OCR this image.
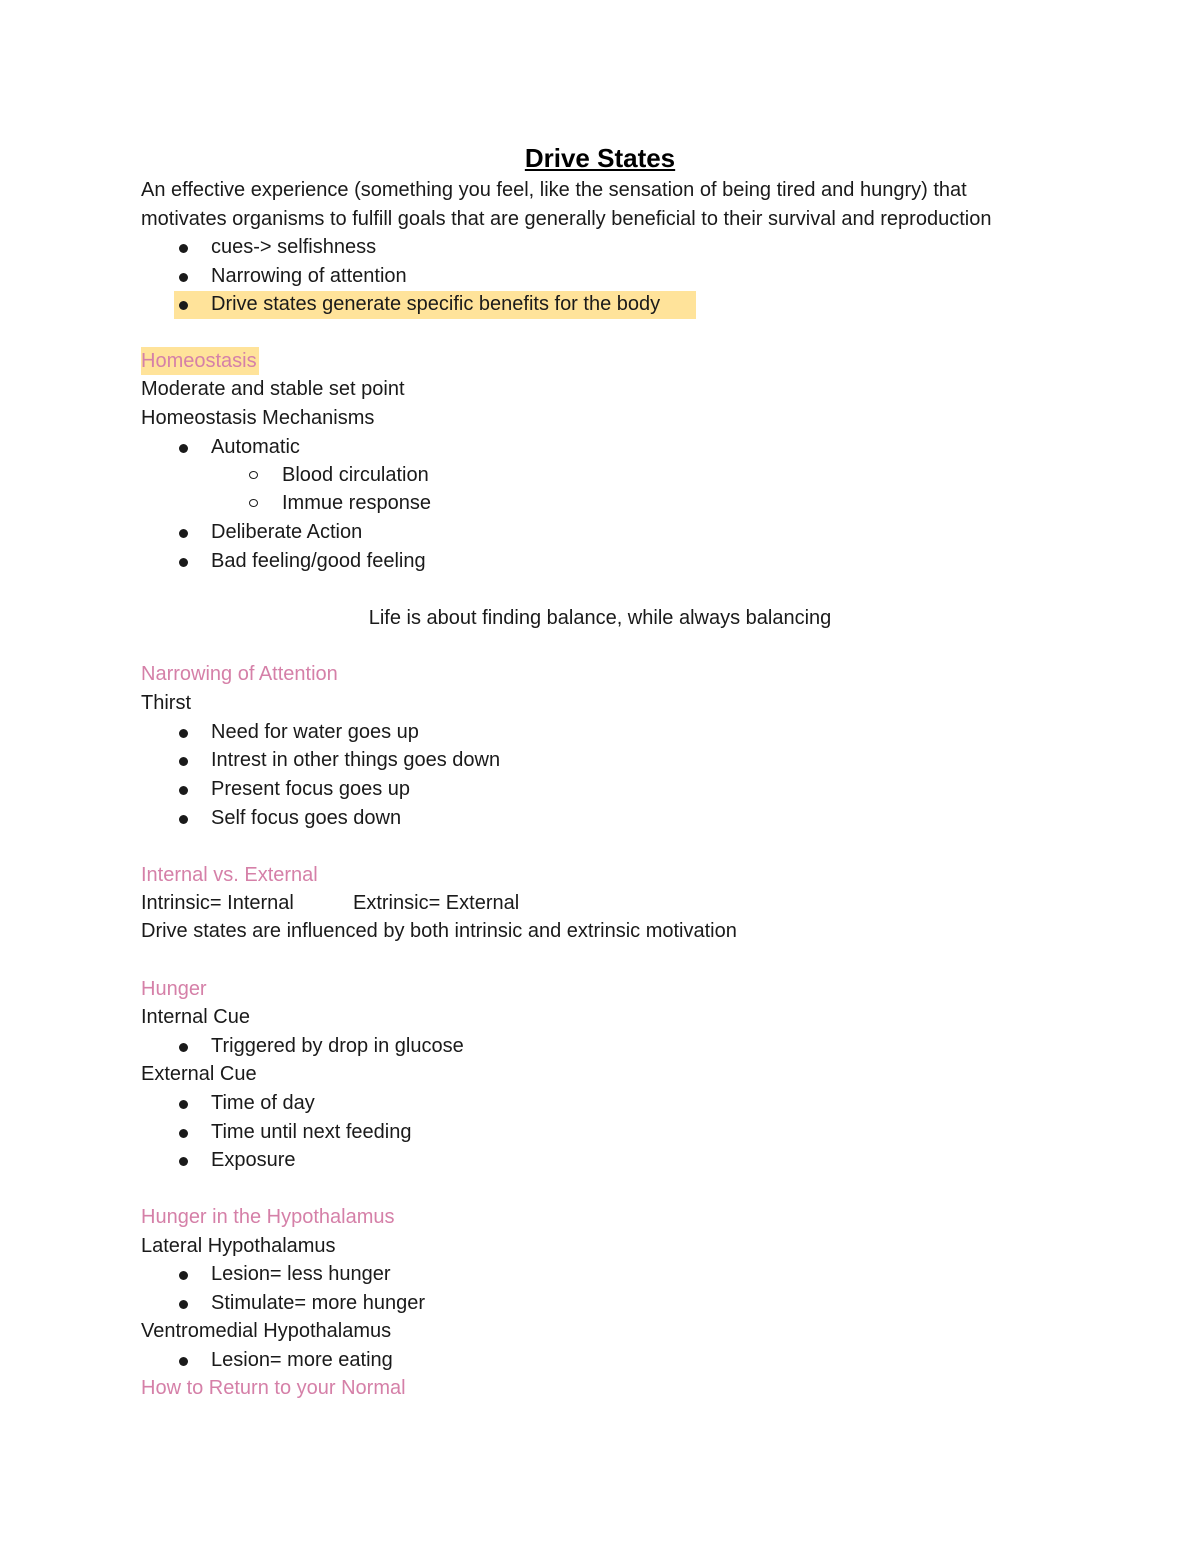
Drive States
An effective experience (something you feel, like the sensation of being tired and hungry) that
motivates organisms to fulfill goals that are generally beneficial to their survival and reproduction
cues-> selfishness
Narrowing of attention
Drive states generate specific benefits for the body
Homeostasis
Moderate and stable set point
Homeostasis Mechanisms
Automatic
Blood circulation
Immue response
Deliberate Action
Bad feeling/good feeling
Life is about finding balance, while always balancing
Narrowing of Attention
Thirst
Need for water goes up
Intrest in other things goes down
Present focus goes up
Self focus goes down
Internal vs. External
Intrinsic= Internal	Extrinsic= External
Drive states are influenced by both intrinsic and extrinsic motivation
Hunger
Internal Cue
Triggered by drop in glucose
External Cue
Time of day
Time until next feeding
Exposure
Hunger in the Hypothalamus
Lateral Hypothalamus
Lesion= less hunger
Stimulate= more hunger
Ventromedial Hypothalamus
Lesion= more eating
How to Return to your Normal
